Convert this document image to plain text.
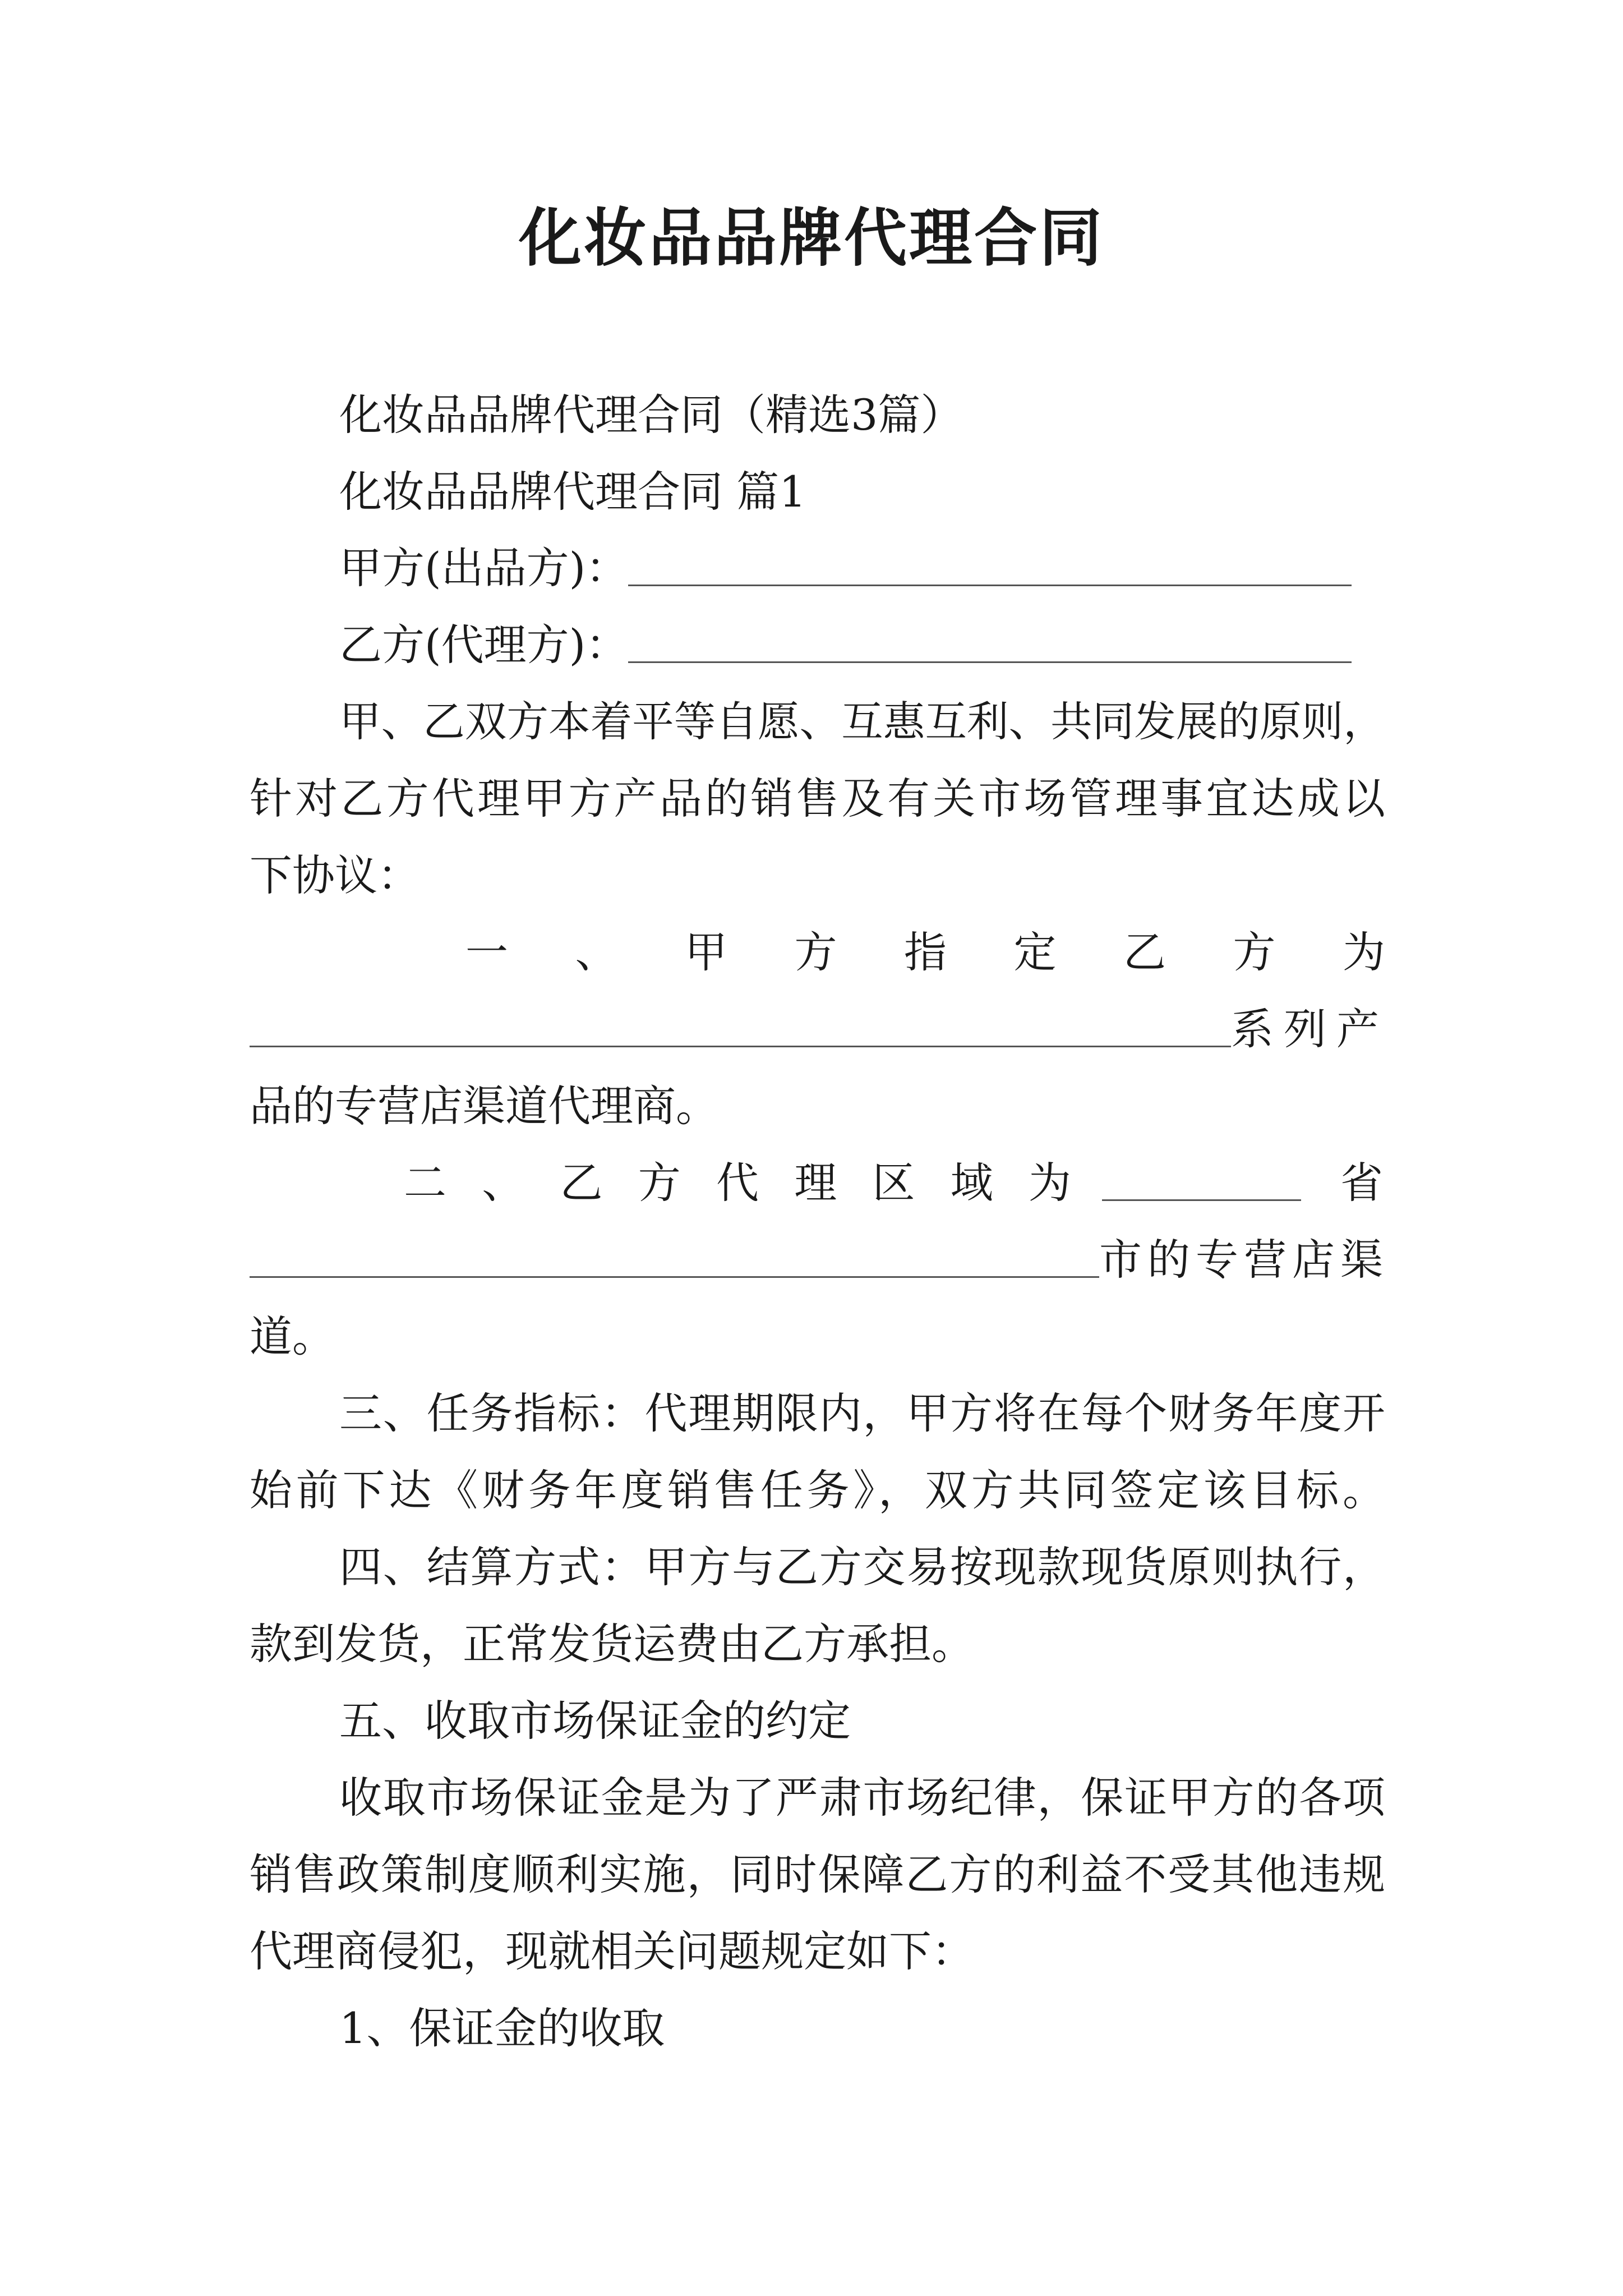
化妆品品牌代理合同
化妆品品牌代理合同（精选3篇）
化妆品品牌代理合同 篇1
甲方(出品方)：
乙方(代理方)：
甲、乙双方本着平等自愿、互惠互利、共同发展的原则，
针对乙方代理甲方产品的销售及有关市场管理事宜达成以
下协议：
一 、 甲 方 指 定 乙 方 为
系列产
品的专营店渠道代理商。
二 、 乙 方 代 理 区 域 为	省
市的专营店渠
道。
三、任务指标：代理期限内，甲方将在每个财务年度开
始前下达《财务年度销售任务》，双方共同签定该目标。
四、结算方式：甲方与乙方交易按现款现货原则执行，
款到发货，正常发货运费由乙方承担。
五、收取市场保证金的约定
收取市场保证金是为了严肃市场纪律，保证甲方的各项
销售政策制度顺利实施，同时保障乙方的利益不受其他违规
代理商侵犯，现就相关问题规定如下：
1、保证金的收取
